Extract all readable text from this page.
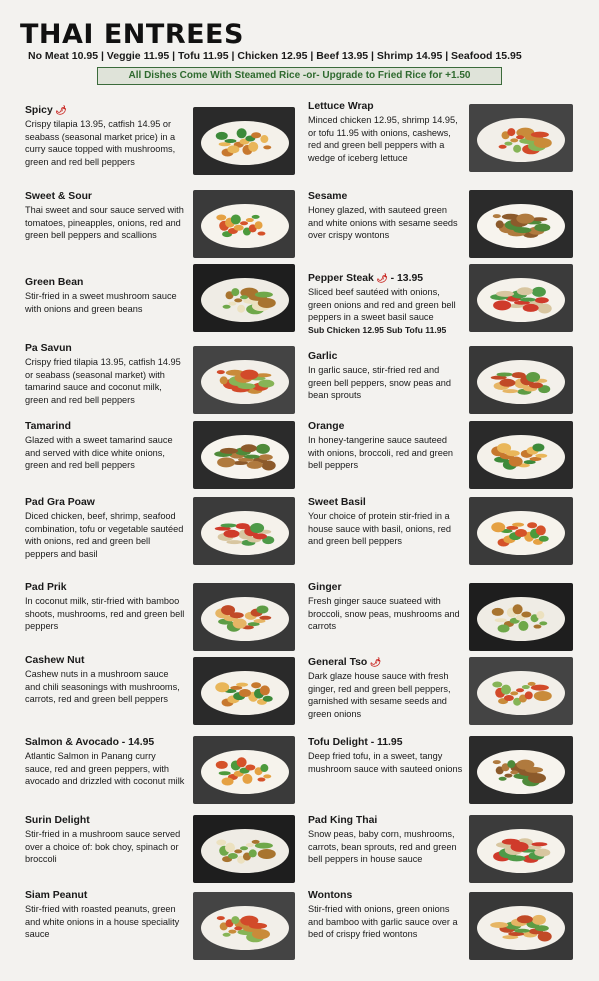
THAI ENTREES
No Meat 10.95 | Veggie 11.95 | Tofu 11.95 | Chicken 12.95 | Beef 13.95 | Shrimp 14.95 | Seafood 15.95
All Dishes Come With Steamed Rice -or- Upgrade to Fried Rice for +1.50
Spicy 🌶
Crispy tilapia 13.95, catfish 14.95 or seabass (seasonal market price) in a curry sauce topped with mushrooms, green and red bell peppers
Sweet & Sour
Thai sweet and sour sauce served with tomatoes, pineapples, onions, red and green bell peppers and scallions
Green Bean
Stir-fried in a sweet mushroom sauce with onions and green beans
Pa Savun
Crispy fried tilapia 13.95, catfish 14.95 or seabass (seasonal market) with tamarind sauce and coconut milk, green and red bell peppers
Tamarind
Glazed with a sweet tamarind sauce and served with dice white onions, green and red bell peppers
Pad Gra Poaw
Diced chicken, beef, shrimp, seafood combination, tofu or vegetable sautéed with onions, red and green bell peppers and basil
Pad Prik
In coconut milk, stir-fried with bamboo shoots, mushrooms, red and green bell peppers
Cashew Nut
Cashew nuts in a mushroom sauce and chili seasonings with mushrooms, carrots, red and green bell peppers
Salmon & Avocado - 14.95
Atlantic Salmon in Panang curry sauce, red and green peppers, with avocado and drizzled with coconut milk
Surin Delight
Stir-fried in a mushroom sauce served over a choice of: bok choy, spinach or broccoli
Siam Peanut
Stir-fried with roasted peanuts, green and white onions in a house speciality sauce
Lettuce Wrap
Minced chicken 12.95, shrimp 14.95, or tofu 11.95 with onions, cashews, red and green bell peppers with a wedge of iceberg lettuce
Sesame
Honey glazed, with sauteed green and white onions with sesame seeds over crispy wontons
Pepper Steak 🌶 - 13.95
Sliced beef sautéed with onions, green onions and red and green bell peppers in a sweet basil sauce
Sub Chicken 12.95 Sub Tofu 11.95
Garlic
In garlic sauce, stir-fried red and green bell peppers, snow peas and bean sprouts
Orange
In honey-tangerine sauce sauteed with onions, broccoli, red and green bell peppers
Sweet Basil
Your choice of protein stir-fried in a house sauce with basil, onions, red and green bell peppers
Ginger
Fresh ginger sauce suateed with broccoli, snow peas, mushrooms and carrots
General Tso 🌶
Dark glaze house sauce with fresh ginger, red and green bell peppers, garnished with sesame seeds and green onions
Tofu Delight - 11.95
Deep fried tofu, in a sweet, tangy mushroom sauce with sauteed onions
Pad King Thai
Snow peas, baby corn, mushrooms, carrots, bean sprouts, red and green bell peppers in house sauce
Wontons
Stir-fried with onions, green onions and bamboo with garlic sauce over a bed of crispy fried wontons
